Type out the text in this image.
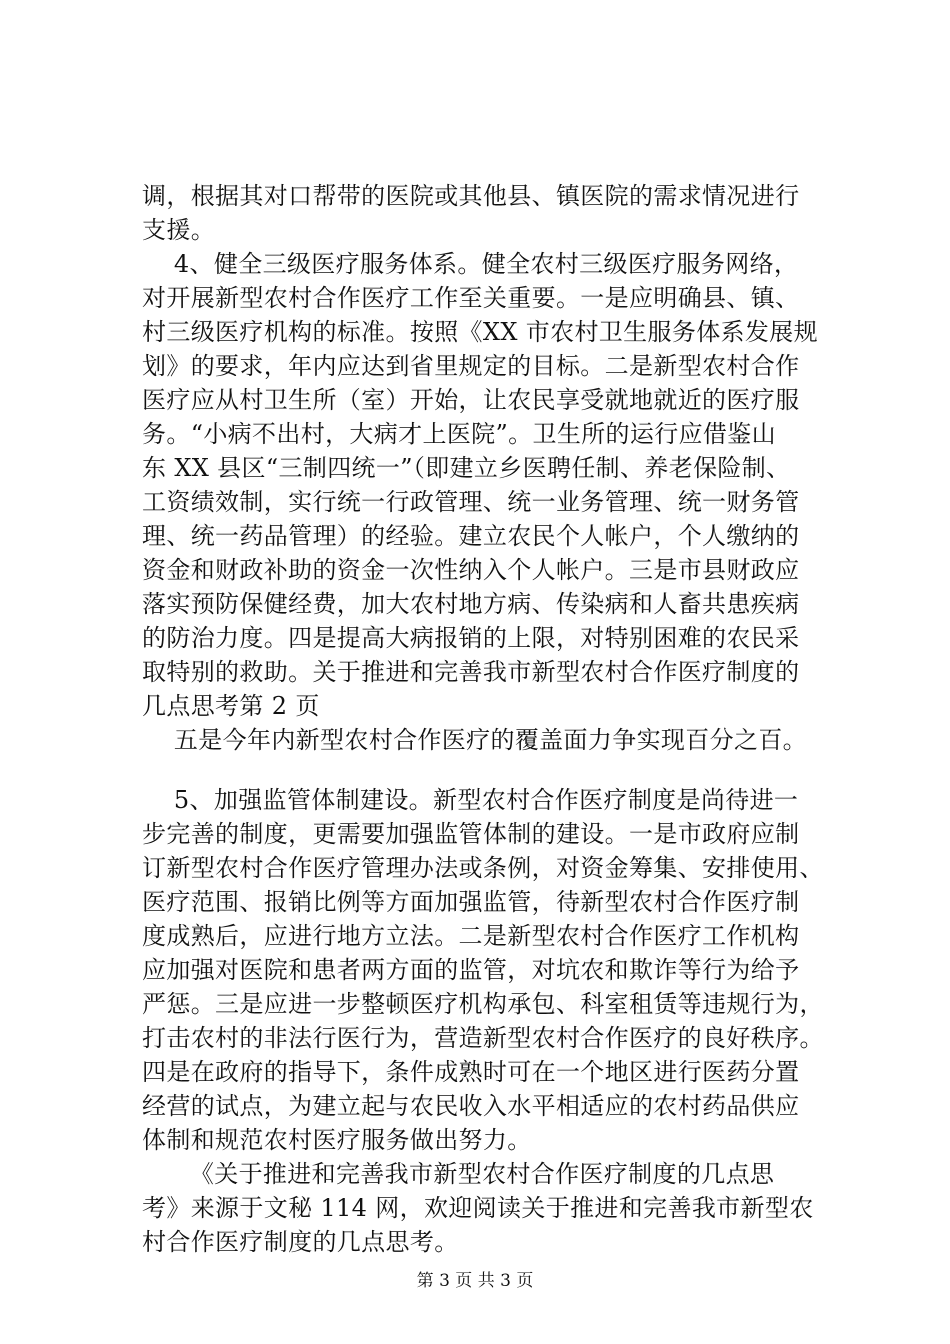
调，根据其对口帮带的医院或其他县、镇医院的需求情况进行
支援。
4、健全三级医疗服务体系。健全农村三级医疗服务网络，
对开展新型农村合作医疗工作至关重要。一是应明确县、镇、
村三级医疗机构的标准。按照《XX 市农村卫生服务体系发展规
划》的要求，年内应达到省里规定的目标。二是新型农村合作
医疗应从村卫生所（室）开始，让农民享受就地就近的医疗服
务。“小病不出村，大病才上医院”。卫生所的运行应借鉴山
东 XX 县区“三制四统一”（即建立乡医聘任制、养老保险制、
工资绩效制，实行统一行政管理、统一业务管理、统一财务管
理、统一药品管理）的经验。建立农民个人帐户，个人缴纳的
资金和财政补助的资金一次性纳入个人帐户。三是市县财政应
落实预防保健经费，加大农村地方病、传染病和人畜共患疾病
的防治力度。四是提高大病报销的上限，对特别困难的农民采
取特别的救助。关于推进和完善我市新型农村合作医疗制度的
几点思考第 2 页
五是今年内新型农村合作医疗的覆盖面力争实现百分之百。
5、加强监管体制建设。新型农村合作医疗制度是尚待进一
步完善的制度，更需要加强监管体制的建设。一是市政府应制
订新型农村合作医疗管理办法或条例，对资金筹集、安排使用、
医疗范围、报销比例等方面加强监管，待新型农村合作医疗制
度成熟后，应进行地方立法。二是新型农村合作医疗工作机构
应加强对医院和患者两方面的监管，对坑农和欺诈等行为给予
严惩。三是应进一步整顿医疗机构承包、科室租赁等违规行为，
打击农村的非法行医行为，营造新型农村合作医疗的良好秩序。
四是在政府的指导下，条件成熟时可在一个地区进行医药分置
经营的试点，为建立起与农民收入水平相适应的农村药品供应
体制和规范农村医疗服务做出努力。
《关于推进和完善我市新型农村合作医疗制度的几点思
考》来源于文秘 114 网，欢迎阅读关于推进和完善我市新型农
村合作医疗制度的几点思考。
第 3 页 共 3 页
